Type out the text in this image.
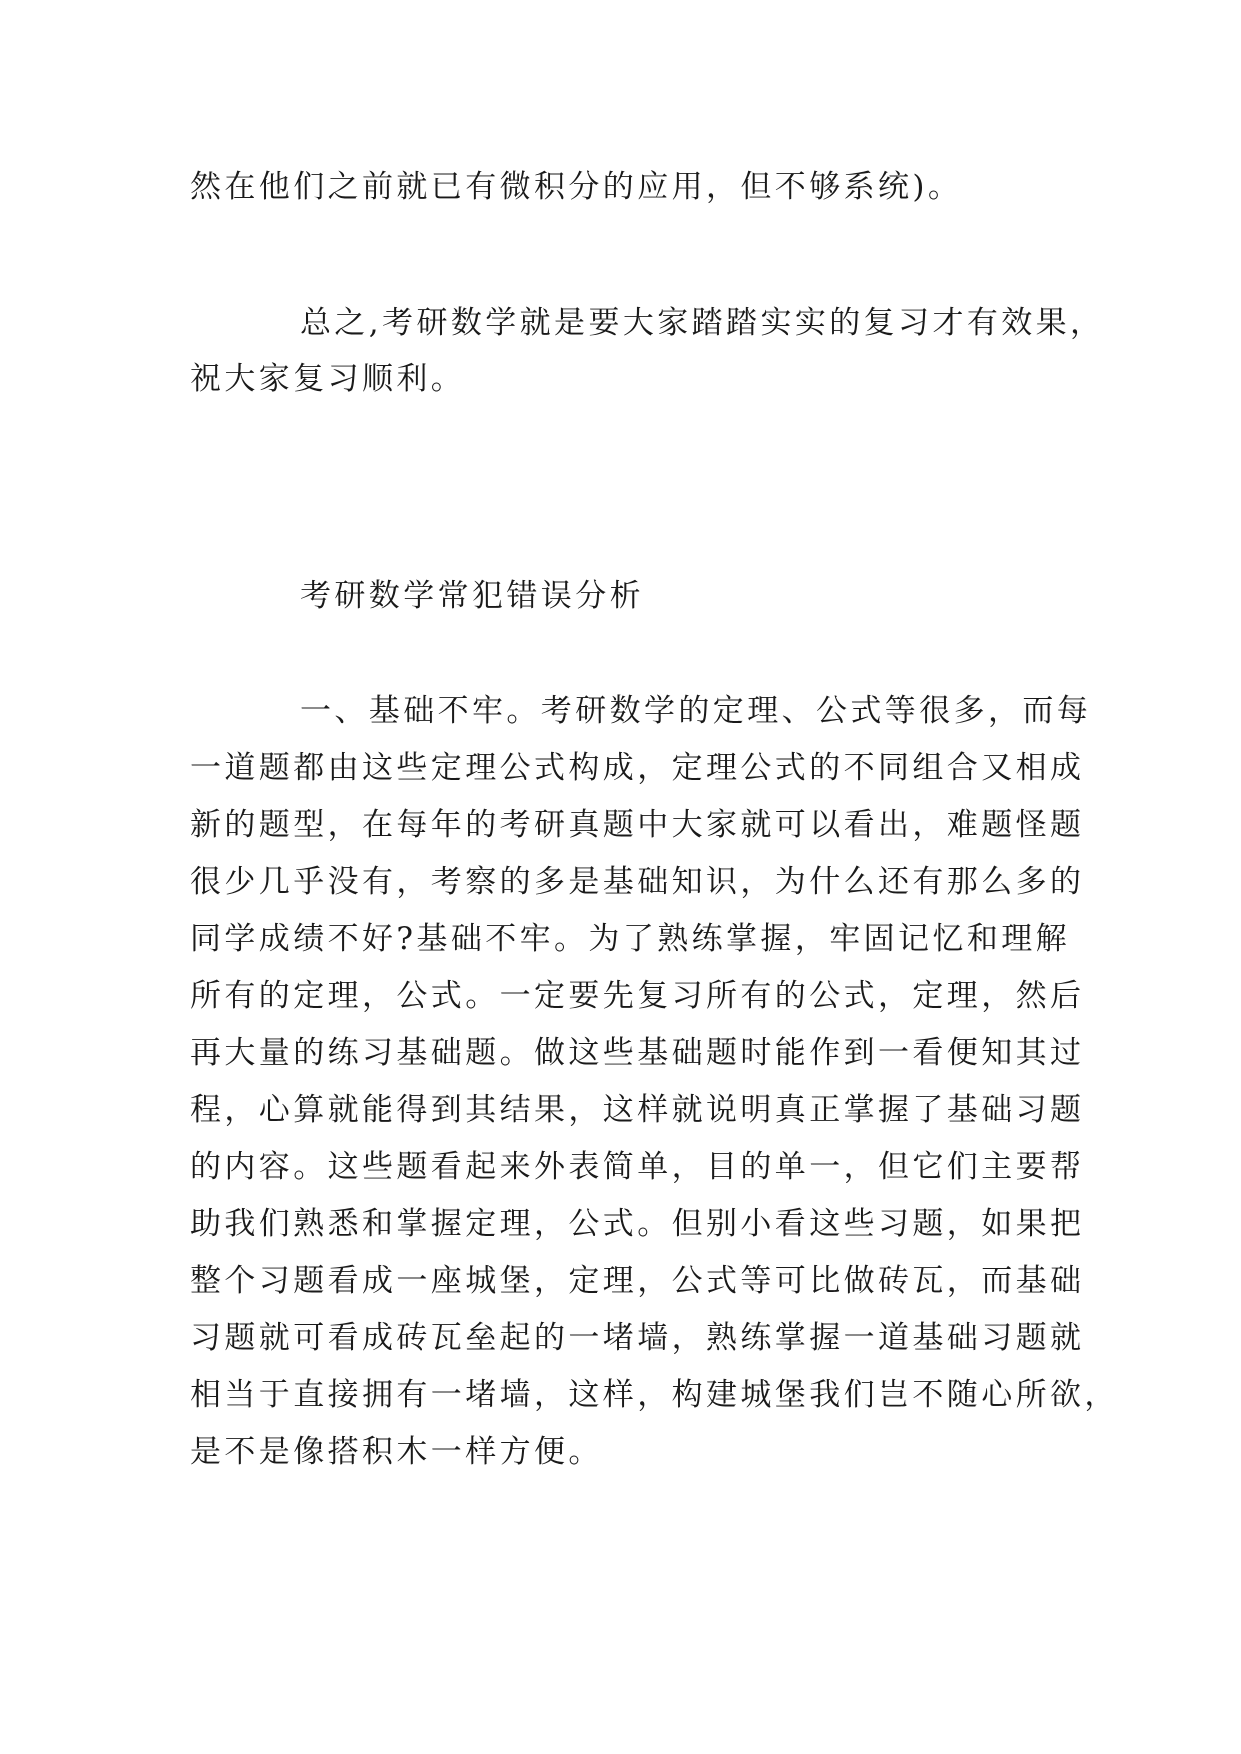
然在他们之前就已有微积分的应用，但不够系统)。
总之,考研数学就是要大家踏踏实实的复习才有效果，
祝大家复习顺利。
考研数学常犯错误分析
一、基础不牢。考研数学的定理、公式等很多，而每
一道题都由这些定理公式构成，定理公式的不同组合又相成
新的题型，在每年的考研真题中大家就可以看出，难题怪题
很少几乎没有，考察的多是基础知识，为什么还有那么多的
同学成绩不好?基础不牢。为了熟练掌握，牢固记忆和理解
所有的定理，公式。一定要先复习所有的公式，定理，然后
再大量的练习基础题。做这些基础题时能作到一看便知其过
程，心算就能得到其结果，这样就说明真正掌握了基础习题
的内容。这些题看起来外表简单，目的单一，但它们主要帮
助我们熟悉和掌握定理，公式。但别小看这些习题，如果把
整个习题看成一座城堡，定理，公式等可比做砖瓦，而基础
习题就可看成砖瓦垒起的一堵墙，熟练掌握一道基础习题就
相当于直接拥有一堵墙，这样，构建城堡我们岂不随心所欲，
是不是像搭积木一样方便。
